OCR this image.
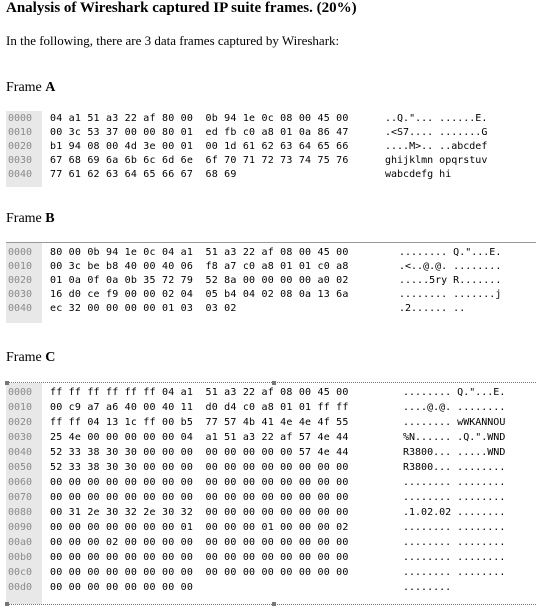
Analysis of Wireshark captured IP suite frames. (20%)
In the following, there are 3 data frames captured by Wireshark:
Frame A
0000 04 a1 51 a3 22 af 80 00  0b 94 1e 0c 08 00 45 00	..Q."... ......E.
0010 00 3c 53 37 00 00 80 01  ed fb c0 a8 01 0a 86 47	.<S7.... .......G
0020 b1 94 08 00 4d 3e 00 01  00 1d 61 62 63 64 65 66	....M>.. ..abcdef
0030 67 68 69 6a 6b 6c 6d 6e  6f 70 71 72 73 74 75 76	ghijklmn opqrstuv
0040 77 61 62 63 64 65 66 67  68 69	wabcdefg hi
Frame B
0000 80 00 0b 94 1e 0c 04 a1  51 a3 22 af 08 00 45 00	........ Q."...E.
0010 00 3c be b8 40 00 40 06  f8 a7 c0 a8 01 01 c0 a8	.<..@.@. ........
0020 01 0a 0f 0a 0b 35 72 79  52 8a 00 00 00 00 a0 02	.....5ry R.......
0030 16 d0 ce f9 00 00 02 04  05 b4 04 02 08 0a 13 6a	........ .......j
0040 ec 32 00 00 00 00 01 03  03 02	.2...... ..
Frame C
0000 ff ff ff ff ff ff 04 a1  51 a3 22 af 08 00 45 00	........ Q."...E.
0010 00 c9 a7 a6 40 00 40 11  d0 d4 c0 a8 01 01 ff ff	....@.@. ........
0020 ff ff 04 13 1c ff 00 b5  77 57 4b 41 4e 4e 4f 55	........ wWKANNOU
0030 25 4e 00 00 00 00 00 04  a1 51 a3 22 af 57 4e 44	%N...... .Q.".WND
0040 52 33 38 30 30 00 00 00  00 00 00 00 00 57 4e 44	R3800... .....WND
0050 52 33 38 30 30 00 00 00  00 00 00 00 00 00 00 00	R3800... ........
0060 00 00 00 00 00 00 00 00  00 00 00 00 00 00 00 00	........ ........
0070 00 00 00 00 00 00 00 00  00 00 00 00 00 00 00 00	........ ........
0080 00 31 2e 30 32 2e 30 32  00 00 00 00 00 00 00 00	.1.02.02 ........
0090 00 00 00 00 00 00 00 01  00 00 00 01 00 00 00 02	........ ........
00a0 00 00 00 02 00 00 00 00  00 00 00 00 00 00 00 00	........ ........
00b0 00 00 00 00 00 00 00 00  00 00 00 00 00 00 00 00	........ ........
00c0 00 00 00 00 00 00 00 00  00 00 00 00 00 00 00 00	........ ........
00d0 00 00 00 00 00 00 00 00	........
